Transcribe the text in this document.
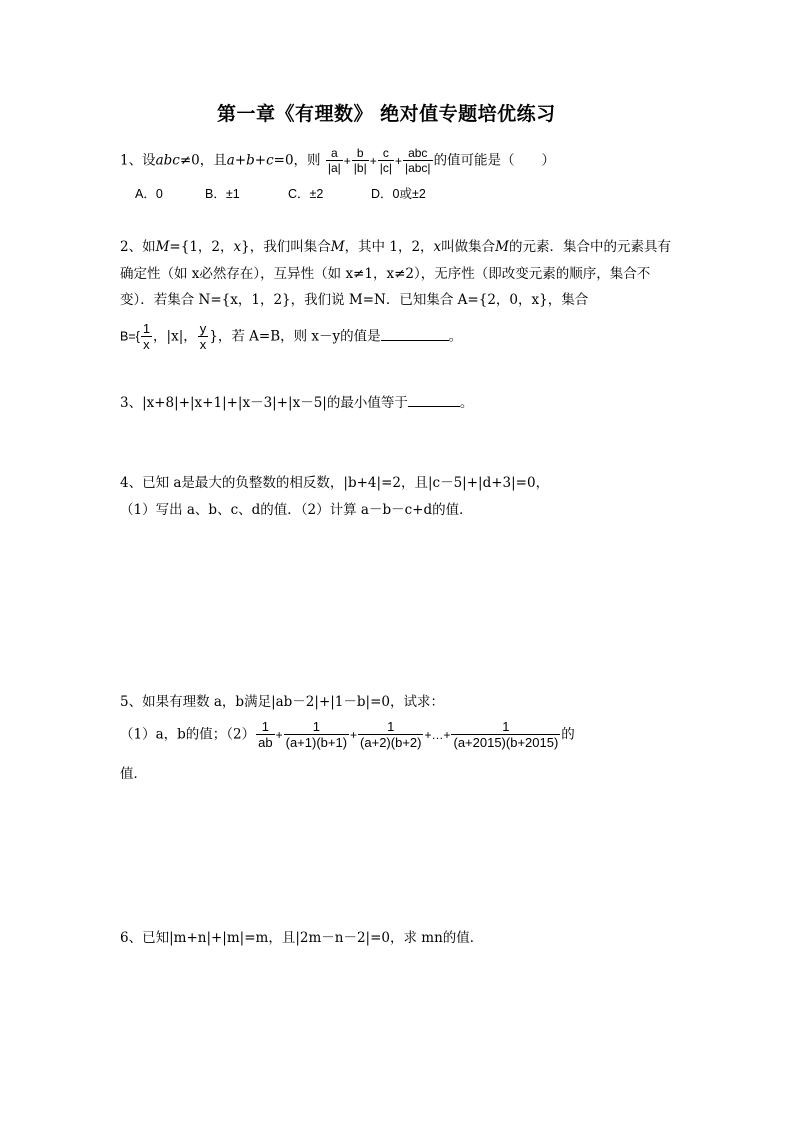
第一章《有理数》 绝对值专题培优练习
1、设abc≠0，且a+b+c=0，则 $\frac{a}{|a|} + \frac{b}{|b|} + \frac{c}{|c|} + \frac{\text{abc}}{\text{|abc|}}$ 的值可能是（　　）
A．0	B．±1	C．±2	D．0或±2
2、如M={1，2，x}，我们叫集合M，其中 1，2，x叫做集合M的元素．集合中的元素具有
确定性（如 x必然存在），互异性（如 x≠1，x≠2），无序性（即改变元素的顺序，集合不
变）．若集合 N={x，1，2}，我们说 M=N．已知集合 A={2，0，x}，集合
$B=\{ \frac{1}{x}$ ，|x|， $\frac{y}{x}$ }，若 A=B，则 x－y的值是	。
3、|x+8|+|x+1|+|x－3|+|x－5|的最小值等于	。
4、已知 a是最大的负整数的相反数，|b+4|=2，且|c－5|+|d+3|=0，
（1）写出 a、b、c、d的值．（2）计算 a－b－c+d的值．
5、如果有理数 a，b满足|ab－2|+|1－b|=0，试求：
（1）a，b的值；$(2) \frac{1}{ab} + \frac{1}{(a+1)(b+1)} + \frac{1}{(a+2)(b+2)}$ +…+ $\frac{1}{(a+2015)(b+2015)}$ 的
值．
6、已知|m+n|+|m|=m，且|2m－n－2|=0，求 mn的值．
